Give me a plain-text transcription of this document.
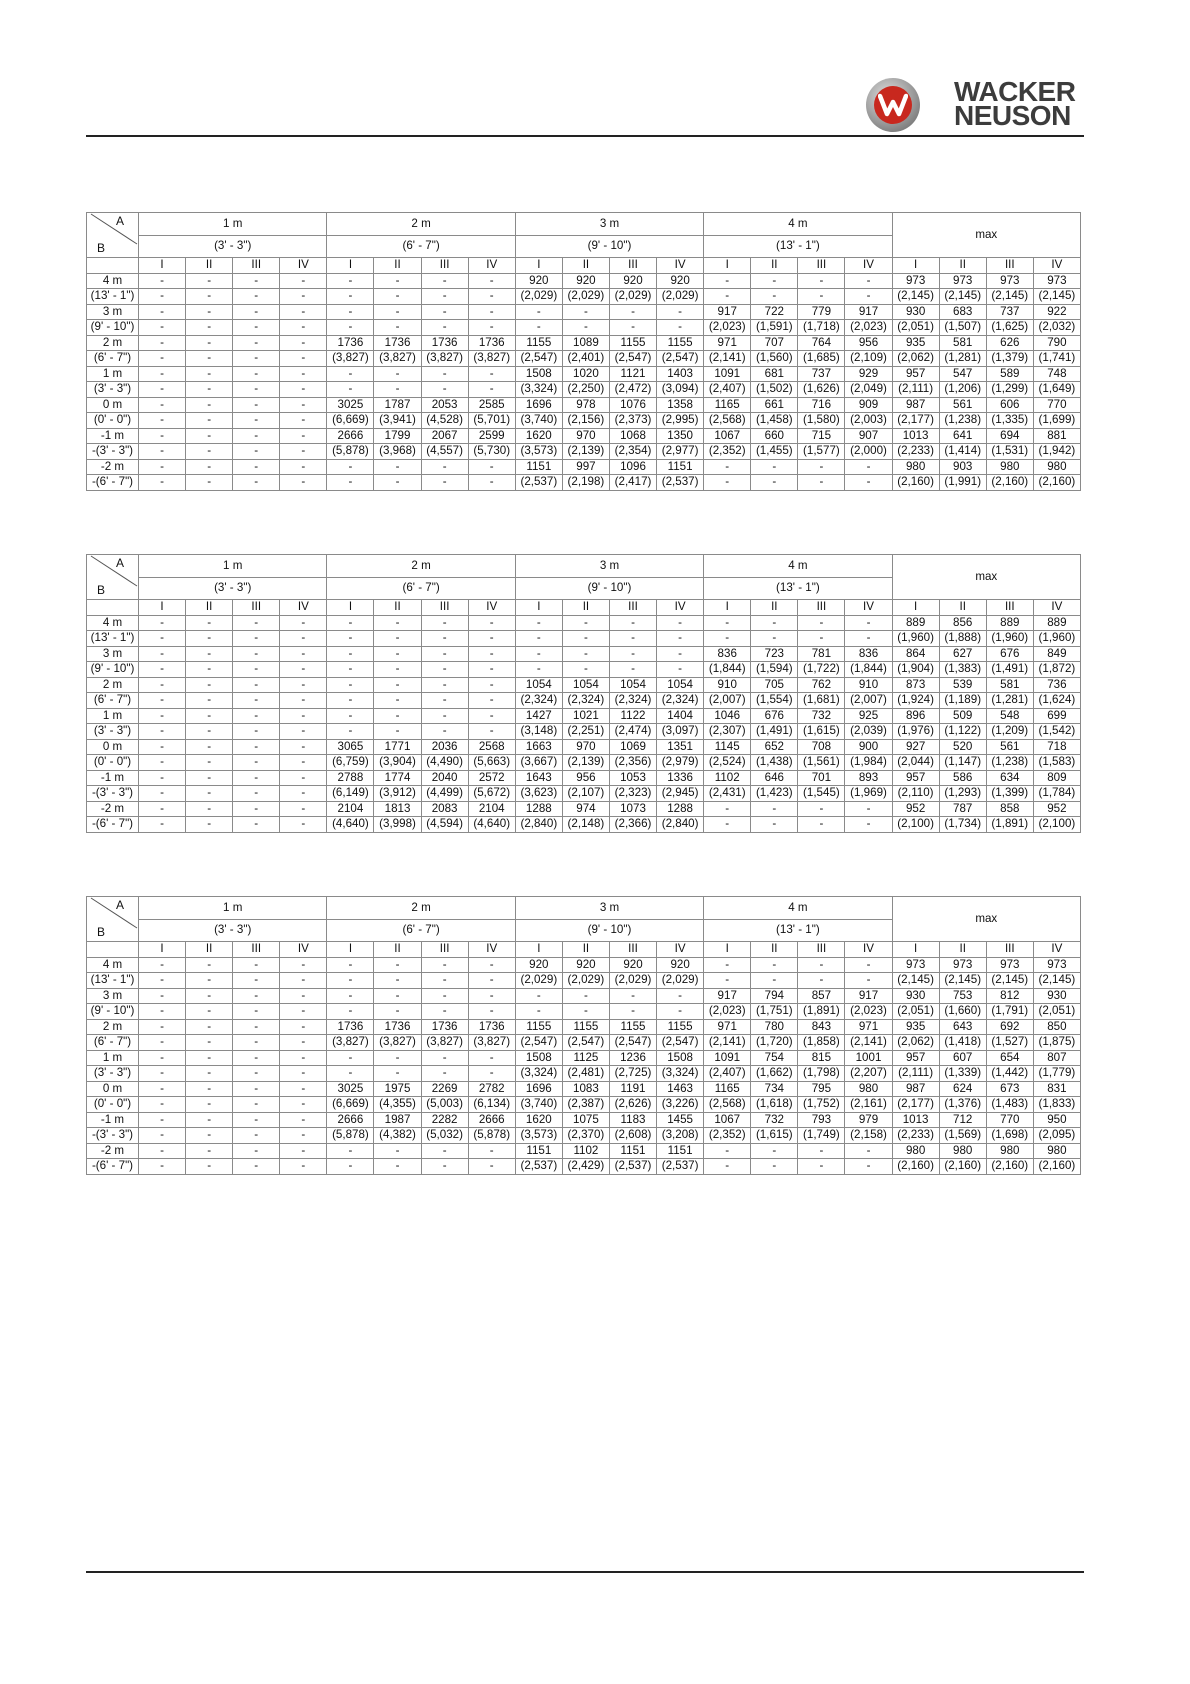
WACKER
NEUSON
A
B	1 m				2 m				3 m				4 m				max			
	(3' - 3")				(6' - 7")				(9' - 10")				(13' - 1")							
	I	II	III	IV	I	II	III	IV	I	II	III	IV	I	II	III	IV	I	II	III	IV
4 m	-	-	-	-	-	-	-	-	920	920	920	920	-	-	-	-	973	973	973	973
(13' - 1")	-	-	-	-	-	-	-	-	(2,029)	(2,029)	(2,029)	(2,029)	-	-	-	-	(2,145)	(2,145)	(2,145)	(2,145)
3 m	-	-	-	-	-	-	-	-	-	-	-	-	917	722	779	917	930	683	737	922
(9' - 10")	-	-	-	-	-	-	-	-	-	-	-	-	(2,023)	(1,591)	(1,718)	(2,023)	(2,051)	(1,507)	(1,625)	(2,032)
2 m	-	-	-	-	1736	1736	1736	1736	1155	1089	1155	1155	971	707	764	956	935	581	626	790
(6' - 7")	-	-	-	-	(3,827)	(3,827)	(3,827)	(3,827)	(2,547)	(2,401)	(2,547)	(2,547)	(2,141)	(1,560)	(1,685)	(2,109)	(2,062)	(1,281)	(1,379)	(1,741)
1 m	-	-	-	-	-	-	-	-	1508	1020	1121	1403	1091	681	737	929	957	547	589	748
(3' - 3")	-	-	-	-	-	-	-	-	(3,324)	(2,250)	(2,472)	(3,094)	(2,407)	(1,502)	(1,626)	(2,049)	(2,111)	(1,206)	(1,299)	(1,649)
0 m	-	-	-	-	3025	1787	2053	2585	1696	978	1076	1358	1165	661	716	909	987	561	606	770
(0' - 0")	-	-	-	-	(6,669)	(3,941)	(4,528)	(5,701)	(3,740)	(2,156)	(2,373)	(2,995)	(2,568)	(1,458)	(1,580)	(2,003)	(2,177)	(1,238)	(1,335)	(1,699)
-1 m	-	-	-	-	2666	1799	2067	2599	1620	970	1068	1350	1067	660	715	907	1013	641	694	881
-(3' - 3")	-	-	-	-	(5,878)	(3,968)	(4,557)	(5,730)	(3,573)	(2,139)	(2,354)	(2,977)	(2,352)	(1,455)	(1,577)	(2,000)	(2,233)	(1,414)	(1,531)	(1,942)
-2 m	-	-	-	-	-	-	-	-	1151	997	1096	1151	-	-	-	-	980	903	980	980
-(6' - 7")	-	-	-	-	-	-	-	-	(2,537)	(2,198)	(2,417)	(2,537)	-	-	-	-	(2,160)	(1,991)	(2,160)	(2,160)
A
B	1 m				2 m				3 m				4 m				max			
	(3' - 3")				(6' - 7")				(9' - 10")				(13' - 1")							
	I	II	III	IV	I	II	III	IV	I	II	III	IV	I	II	III	IV	I	II	III	IV
4 m	-	-	-	-	-	-	-	-	-	-	-	-	-	-	-	-	889	856	889	889
(13' - 1")	-	-	-	-	-	-	-	-	-	-	-	-	-	-	-	-	(1,960)	(1,888)	(1,960)	(1,960)
3 m	-	-	-	-	-	-	-	-	-	-	-	-	836	723	781	836	864	627	676	849
(9' - 10")	-	-	-	-	-	-	-	-	-	-	-	-	(1,844)	(1,594)	(1,722)	(1,844)	(1,904)	(1,383)	(1,491)	(1,872)
2 m	-	-	-	-	-	-	-	-	1054	1054	1054	1054	910	705	762	910	873	539	581	736
(6' - 7")	-	-	-	-	-	-	-	-	(2,324)	(2,324)	(2,324)	(2,324)	(2,007)	(1,554)	(1,681)	(2,007)	(1,924)	(1,189)	(1,281)	(1,624)
1 m	-	-	-	-	-	-	-	-	1427	1021	1122	1404	1046	676	732	925	896	509	548	699
(3' - 3")	-	-	-	-	-	-	-	-	(3,148)	(2,251)	(2,474)	(3,097)	(2,307)	(1,491)	(1,615)	(2,039)	(1,976)	(1,122)	(1,209)	(1,542)
0 m	-	-	-	-	3065	1771	2036	2568	1663	970	1069	1351	1145	652	708	900	927	520	561	718
(0' - 0")	-	-	-	-	(6,759)	(3,904)	(4,490)	(5,663)	(3,667)	(2,139)	(2,356)	(2,979)	(2,524)	(1,438)	(1,561)	(1,984)	(2,044)	(1,147)	(1,238)	(1,583)
-1 m	-	-	-	-	2788	1774	2040	2572	1643	956	1053	1336	1102	646	701	893	957	586	634	809
-(3' - 3")	-	-	-	-	(6,149)	(3,912)	(4,499)	(5,672)	(3,623)	(2,107)	(2,323)	(2,945)	(2,431)	(1,423)	(1,545)	(1,969)	(2,110)	(1,293)	(1,399)	(1,784)
-2 m	-	-	-	-	2104	1813	2083	2104	1288	974	1073	1288	-	-	-	-	952	787	858	952
-(6' - 7")	-	-	-	-	(4,640)	(3,998)	(4,594)	(4,640)	(2,840)	(2,148)	(2,366)	(2,840)	-	-	-	-	(2,100)	(1,734)	(1,891)	(2,100)
A
B	1 m				2 m				3 m				4 m				max			
	(3' - 3")				(6' - 7")				(9' - 10")				(13' - 1")							
	I	II	III	IV	I	II	III	IV	I	II	III	IV	I	II	III	IV	I	II	III	IV
4 m	-	-	-	-	-	-	-	-	920	920	920	920	-	-	-	-	973	973	973	973
(13' - 1")	-	-	-	-	-	-	-	-	(2,029)	(2,029)	(2,029)	(2,029)	-	-	-	-	(2,145)	(2,145)	(2,145)	(2,145)
3 m	-	-	-	-	-	-	-	-	-	-	-	-	917	794	857	917	930	753	812	930
(9' - 10")	-	-	-	-	-	-	-	-	-	-	-	-	(2,023)	(1,751)	(1,891)	(2,023)	(2,051)	(1,660)	(1,791)	(2,051)
2 m	-	-	-	-	1736	1736	1736	1736	1155	1155	1155	1155	971	780	843	971	935	643	692	850
(6' - 7")	-	-	-	-	(3,827)	(3,827)	(3,827)	(3,827)	(2,547)	(2,547)	(2,547)	(2,547)	(2,141)	(1,720)	(1,858)	(2,141)	(2,062)	(1,418)	(1,527)	(1,875)
1 m	-	-	-	-	-	-	-	-	1508	1125	1236	1508	1091	754	815	1001	957	607	654	807
(3' - 3")	-	-	-	-	-	-	-	-	(3,324)	(2,481)	(2,725)	(3,324)	(2,407)	(1,662)	(1,798)	(2,207)	(2,111)	(1,339)	(1,442)	(1,779)
0 m	-	-	-	-	3025	1975	2269	2782	1696	1083	1191	1463	1165	734	795	980	987	624	673	831
(0' - 0")	-	-	-	-	(6,669)	(4,355)	(5,003)	(6,134)	(3,740)	(2,387)	(2,626)	(3,226)	(2,568)	(1,618)	(1,752)	(2,161)	(2,177)	(1,376)	(1,483)	(1,833)
-1 m	-	-	-	-	2666	1987	2282	2666	1620	1075	1183	1455	1067	732	793	979	1013	712	770	950
-(3' - 3")	-	-	-	-	(5,878)	(4,382)	(5,032)	(5,878)	(3,573)	(2,370)	(2,608)	(3,208)	(2,352)	(1,615)	(1,749)	(2,158)	(2,233)	(1,569)	(1,698)	(2,095)
-2 m	-	-	-	-	-	-	-	-	1151	1102	1151	1151	-	-	-	-	980	980	980	980
-(6' - 7")	-	-	-	-	-	-	-	-	(2,537)	(2,429)	(2,537)	(2,537)	-	-	-	-	(2,160)	(2,160)	(2,160)	(2,160)
